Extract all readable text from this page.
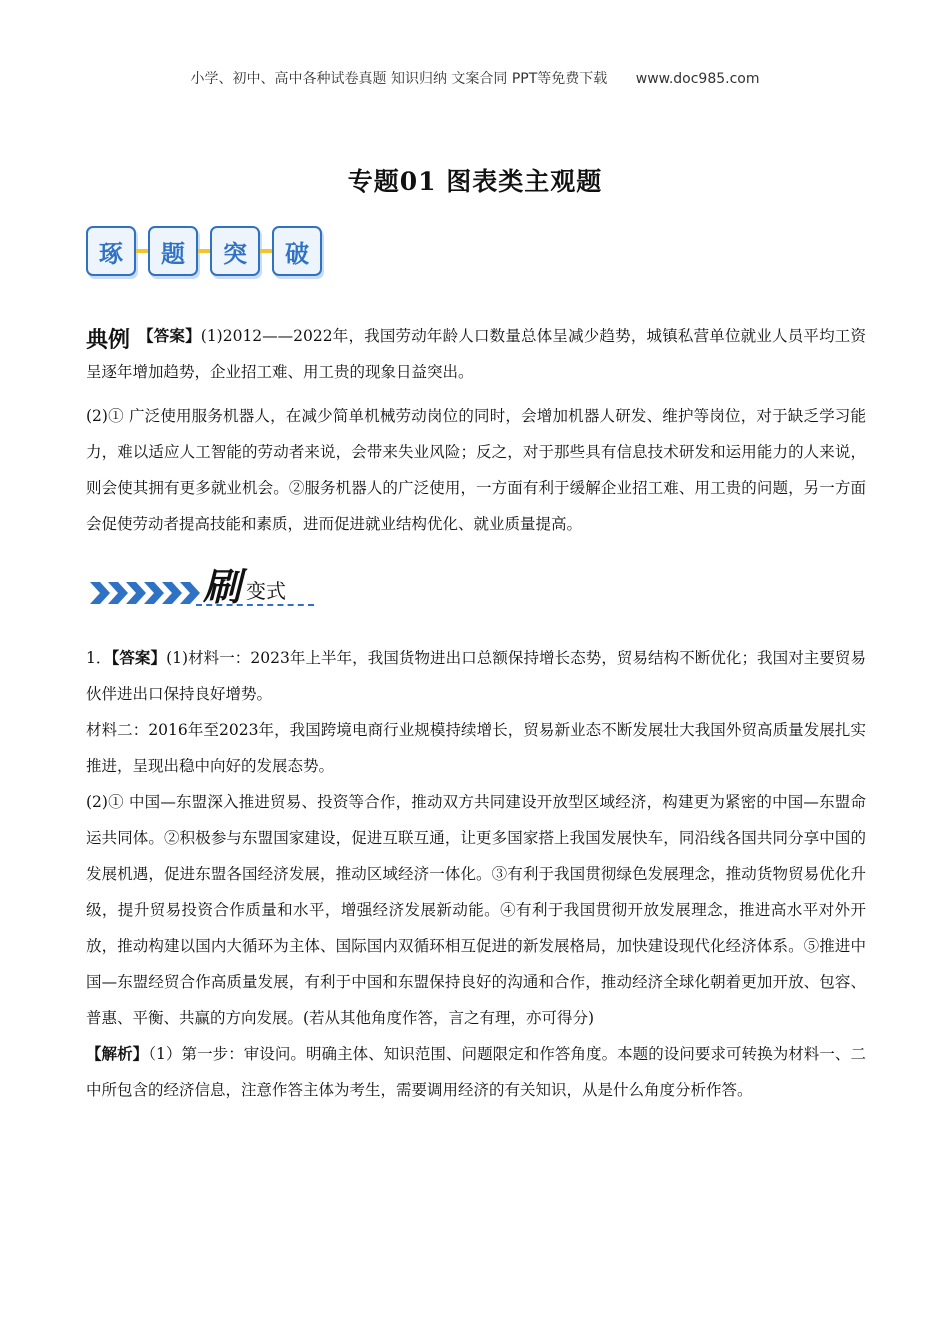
小学、初中、高中各种试卷真题 知识归纳 文案合同 PPT等免费下载 www.doc985.com
专题01 图表类主观题
琢	题	突	破
典例 【答案】(1)2012——2022年，我国劳动年龄人口数量总体呈减少趋势，城镇私营单位就业人员平均工资呈逐年增加趋势，企业招工难、用工贵的现象日益突出。

(2)① 广泛使用服务机器人，在减少简单机械劳动岗位的同时，会增加机器人研发、维护等岗位，对于缺乏学习能力，难以适应人工智能的劳动者来说，会带来失业风险；反之，对于那些具有信息技术研发和运用能力的人来说，则会使其拥有更多就业机会。②服务机器人的广泛使用，一方面有利于缓解企业招工难、用工贵的问题，另一方面会促使劳动者提高技能和素质，进而促进就业结构优化、就业质量提高。

刷 变式

1．【答案】(1)材料一：2023年上半年，我国货物进出口总额保持增长态势，贸易结构不断优化；我国对主要贸易伙伴进出口保持良好增势。

材料二：2016年至2023年，我国跨境电商行业规模持续增长，贸易新业态不断发展壮大我国外贸高质量发展扎实推进，呈现出稳中向好的发展态势。

(2)① 中国—东盟深入推进贸易、投资等合作，推动双方共同建设开放型区域经济，构建更为紧密的中国—东盟命运共同体。②积极参与东盟国家建设，促进互联互通，让更多国家搭上我国发展快车，同沿线各国共同分享中国的发展机遇，促进东盟各国经济发展，推动区域经济一体化。③有利于我国贯彻绿色发展理念，推动货物贸易优化升级，提升贸易投资合作质量和水平，增强经济发展新动能。④有利于我国贯彻开放发展理念，推进高水平对外开放，推动构建以国内大循环为主体、国际国内双循环相互促进的新发展格局，加快建设现代化经济体系。⑤推进中国—东盟经贸合作高质量发展，有利于中国和东盟保持良好的沟通和合作，推动经济全球化朝着更加开放、包容、普惠、平衡、共赢的方向发展。(若从其他角度作答，言之有理，亦可得分)

【解析】（1）第一步：审设问。明确主体、知识范围、问题限定和作答角度。本题的设问要求可转换为材料一、二中所包含的经济信息，注意作答主体为考生，需要调用经济的有关知识，从是什么角度分析作答。
